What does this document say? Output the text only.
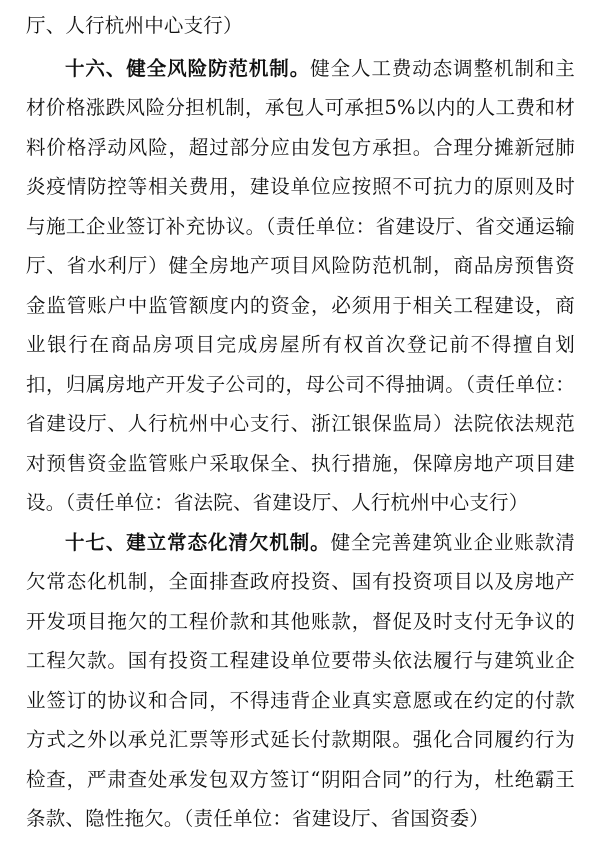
厅、人行杭州中心支行）

十六、健全风险防范机制。健全人工费动态调整机制和主材价格涨跌风险分担机制，承包人可承担5%以内的人工费和材料价格浮动风险，超过部分应由发包方承担。合理分摊新冠肺炎疫情防控等相关费用，建设单位应按照不可抗力的原则及时与施工企业签订补充协议。（责任单位：省建设厅、省交通运输厅、省水利厅）健全房地产项目风险防范机制，商品房预售资金监管账户中监管额度内的资金，必须用于相关工程建设，商业银行在商品房项目完成房屋所有权首次登记前不得擅自划扣，归属房地产开发子公司的，母公司不得抽调。（责任单位：省建设厅、人行杭州中心支行、浙江银保监局）法院依法规范对预售资金监管账户采取保全、执行措施，保障房地产项目建设。（责任单位：省法院、省建设厅、人行杭州中心支行）

十七、建立常态化清欠机制。健全完善建筑业企业账款清欠常态化机制，全面排查政府投资、国有投资项目以及房地产开发项目拖欠的工程价款和其他账款，督促及时支付无争议的工程欠款。国有投资工程建设单位要带头依法履行与建筑业企业签订的协议和合同，不得违背企业真实意愿或在约定的付款方式之外以承兑汇票等形式延长付款期限。强化合同履约行为检查，严肃查处承发包双方签订“阴阳合同”的行为，杜绝霸王条款、隐性拖欠。（责任单位：省建设厅、省国资委）
